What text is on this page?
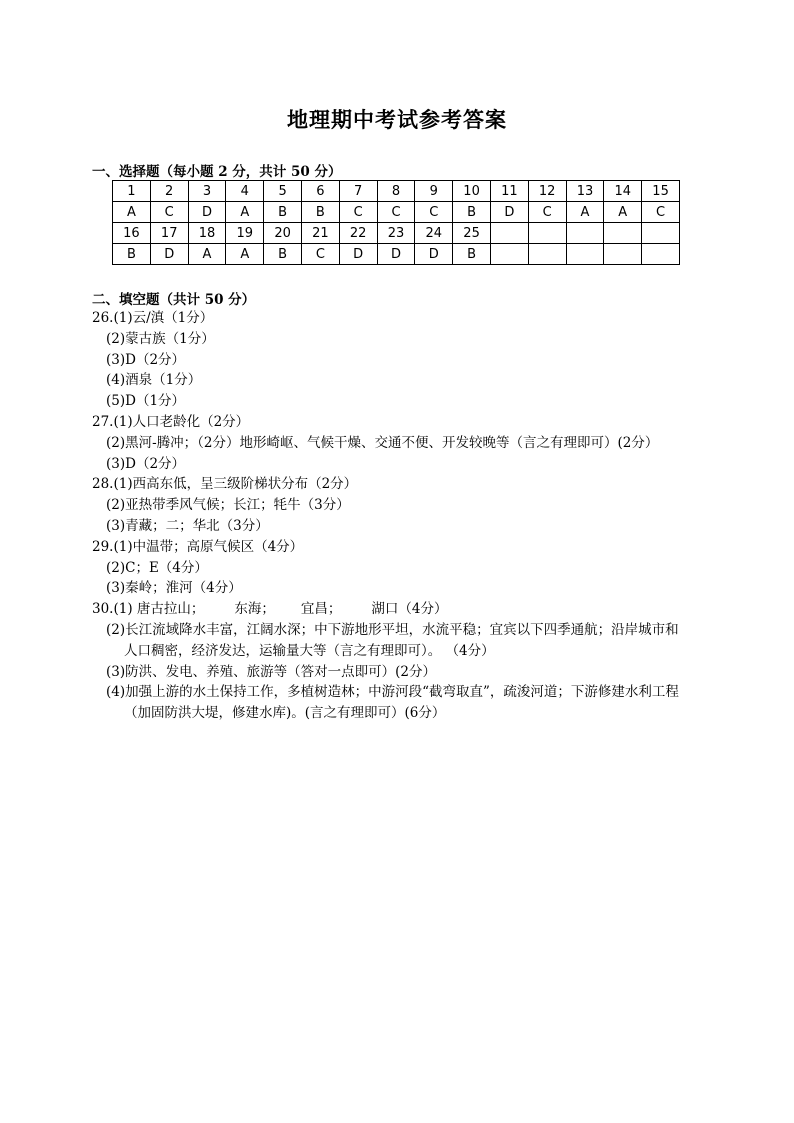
地理期中考试参考答案
一、选择题（每小题 2 分，共计 50 分）
1	2	3	4	5	6	7	8	9	10	11	12	13	14	15
A	C	D	A	B	B	C	C	C	B	D	C	A	A	C
16	17	18	19	20	21	22	23	24	25					
B	D	A	A	B	C	D	D	D	B					
二、填空题（共计 50 分）
26.(1)云/滇（1分）
(2)蒙古族（1分）
(3)D（2分）
(4)酒泉（1分）
(5)D（1分）
27.(1)人口老龄化（2分）
(2)黑河-腾冲；（2分）地形崎岖、气候干燥、交通不便、开发较晚等（言之有理即可）(2分）
(3)D（2分）
28.(1)西高东低，呈三级阶梯状分布（2分）
(2)亚热带季风气候；长江；牦牛（3分）
(3)青藏；二；华北（3分）
29.(1)中温带；高原气候区（4分）
(2)C；E（4分）
(3)秦岭；淮河（4分）
30.(1) 唐古拉山； 东海； 宜昌； 湖口（4分）
(2)长江流域降水丰富，江阔水深；中下游地形平坦，水流平稳；宜宾以下四季通航；沿岸城市和
人口稠密，经济发达，运输量大等（言之有理即可）。 （4分）
(3)防洪、发电、养殖、旅游等（答对一点即可）(2分）
(4)加强上游的水土保持工作，多植树造林；中游河段“截弯取直”，疏浚河道；下游修建水利工程
（加固防洪大堤，修建水库)。(言之有理即可）(6分）
